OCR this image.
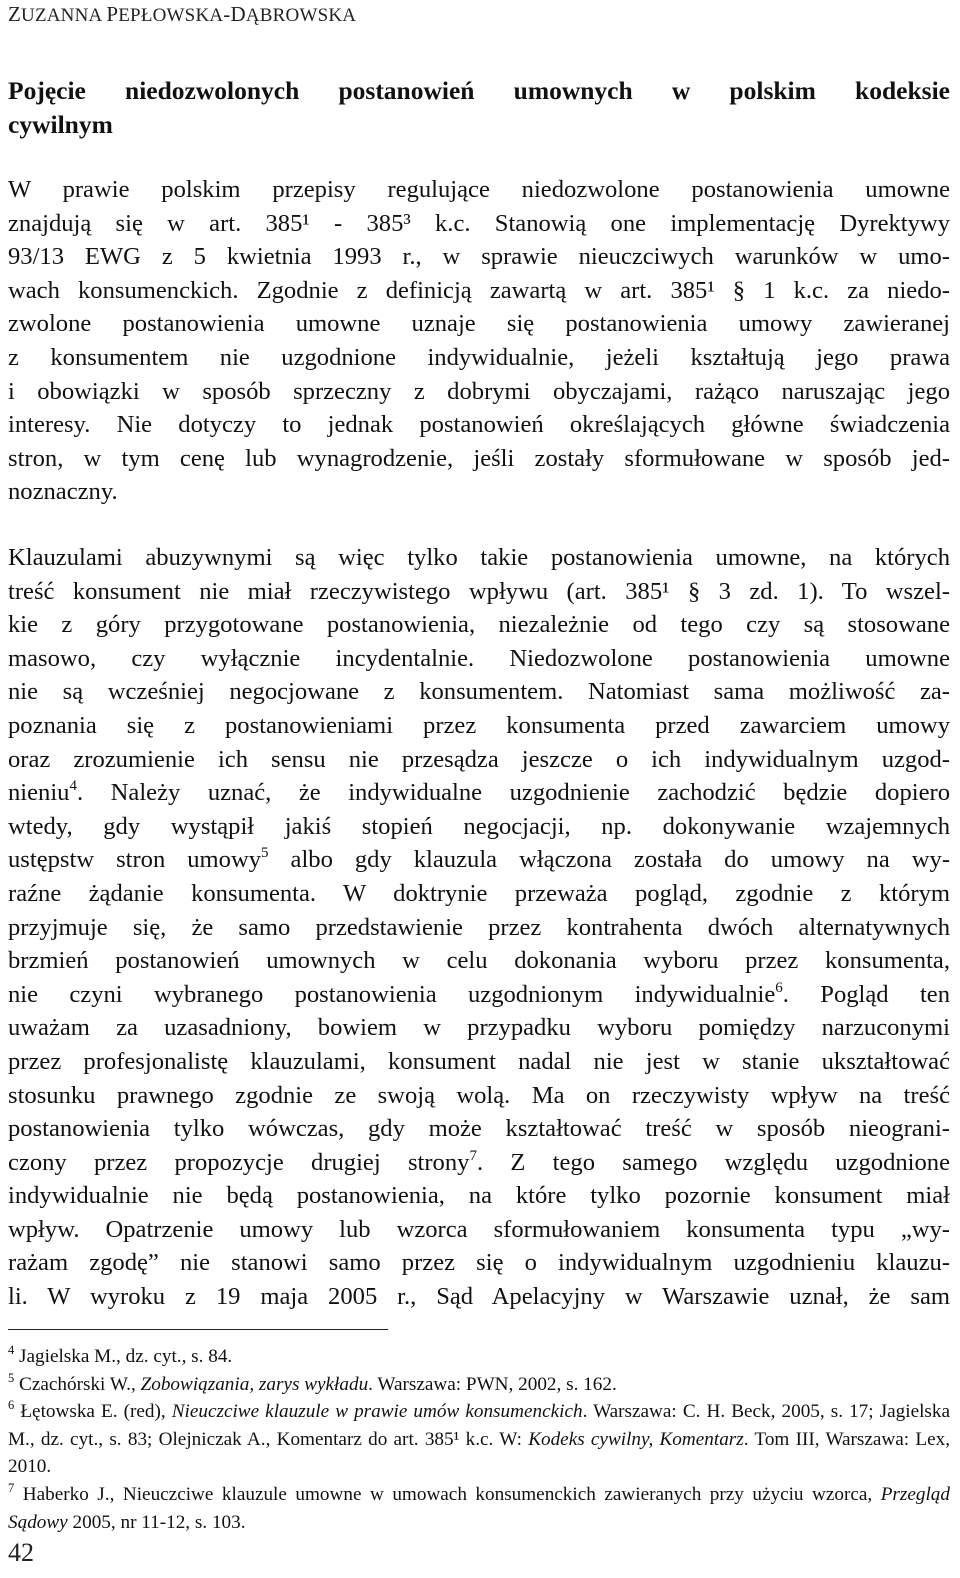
ZUZANNA PEPŁOWSKA-DĄBROWSKA
Pojęcie niedozwolonych postanowień umownych w polskim kodeksie cywilnym
W prawie polskim przepisy regulujące niedozwolone postanowienia umowne
znajdują się w art. 385¹ - 385³ k.c. Stanowią one implementację Dyrektywy
93/13 EWG z 5 kwietnia 1993 r., w sprawie nieuczciwych warunków w umo-
wach konsumenckich. Zgodnie z definicją zawartą w art. 385¹ § 1 k.c. za niedo-
zwolone postanowienia umowne uznaje się postanowienia umowy zawieranej
z konsumentem nie uzgodnione indywidualnie, jeżeli kształtują jego prawa
i obowiązki w sposób sprzeczny z dobrymi obyczajami, rażąco naruszając jego
interesy. Nie dotyczy to jednak postanowień określających główne świadczenia
stron, w tym cenę lub wynagrodzenie, jeśli zostały sformułowane w sposób jed-
noznaczny.
Klauzulami abuzywnymi są więc tylko takie postanowienia umowne, na których
treść konsument nie miał rzeczywistego wpływu (art. 385¹ § 3 zd. 1). To wszel-
kie z góry przygotowane postanowienia, niezależnie od tego czy są stosowane
masowo, czy wyłącznie incydentalnie. Niedozwolone postanowienia umowne
nie są wcześniej negocjowane z konsumentem. Natomiast sama możliwość za-
poznania się z postanowieniami przez konsumenta przed zawarciem umowy
oraz zrozumienie ich sensu nie przesądza jeszcze o ich indywidualnym uzgod-
nieniu$^4$. Należy uznać, że indywidualne uzgodnienie zachodzić będzie dopiero
wtedy, gdy wystąpił jakiś stopień negocjacji, np. dokonywanie wzajemnych
ustępstw stron umowy$^5$ albo gdy klauzula włączona została do umowy na wy-
raźne żądanie konsumenta. W doktrynie przeważa pogląd, zgodnie z którym
przyjmuje się, że samo przedstawienie przez kontrahenta dwóch alternatywnych
brzmień postanowień umownych w celu dokonania wyboru przez konsumenta,
nie czyni wybranego postanowienia uzgodnionym indywidualnie$^6$. Pogląd ten
uważam za uzasadniony, bowiem w przypadku wyboru pomiędzy narzuconymi
przez profesjonalistę klauzulami, konsument nadal nie jest w stanie ukształtować
stosunku prawnego zgodnie ze swoją wolą. Ma on rzeczywisty wpływ na treść
postanowienia tylko wówczas, gdy może kształtować treść w sposób nieograni-
czony przez propozycje drugiej strony$^7$. Z tego samego względu uzgodnione
indywidualnie nie będą postanowienia, na które tylko pozornie konsument miał
wpływ. Opatrzenie umowy lub wzorca sformułowaniem konsumenta typu „wy-
rażam zgodę” nie stanowi samo przez się o indywidualnym uzgodnieniu klauzu-
li. W wyroku z 19 maja 2005 r., Sąd Apelacyjny w Warszawie uznał, że sam
$^4$ Jagielska M., dz. cyt., s. 84.
$^5$ Czachórski W., Zobowiązania, zarys wykładu. Warszawa: PWN, 2002, s. 162.
$^6$ Łętowska E. (red), Nieuczciwe klauzule w prawie umów konsumenckich. Warszawa: C. H. Beck, 2005, s. 17; Jagielska M., dz. cyt., s. 83; Olejniczak A., Komentarz do art. 385¹ k.c. W: Kodeks cywilny, Komentarz. Tom III, Warszawa: Lex, 2010.
$^7$ Haberko J., Nieuczciwe klauzule umowne w umowach konsumenckich zawieranych przy użyciu wzorca, Przegląd Sądowy 2005, nr 11-12, s. 103.
42
